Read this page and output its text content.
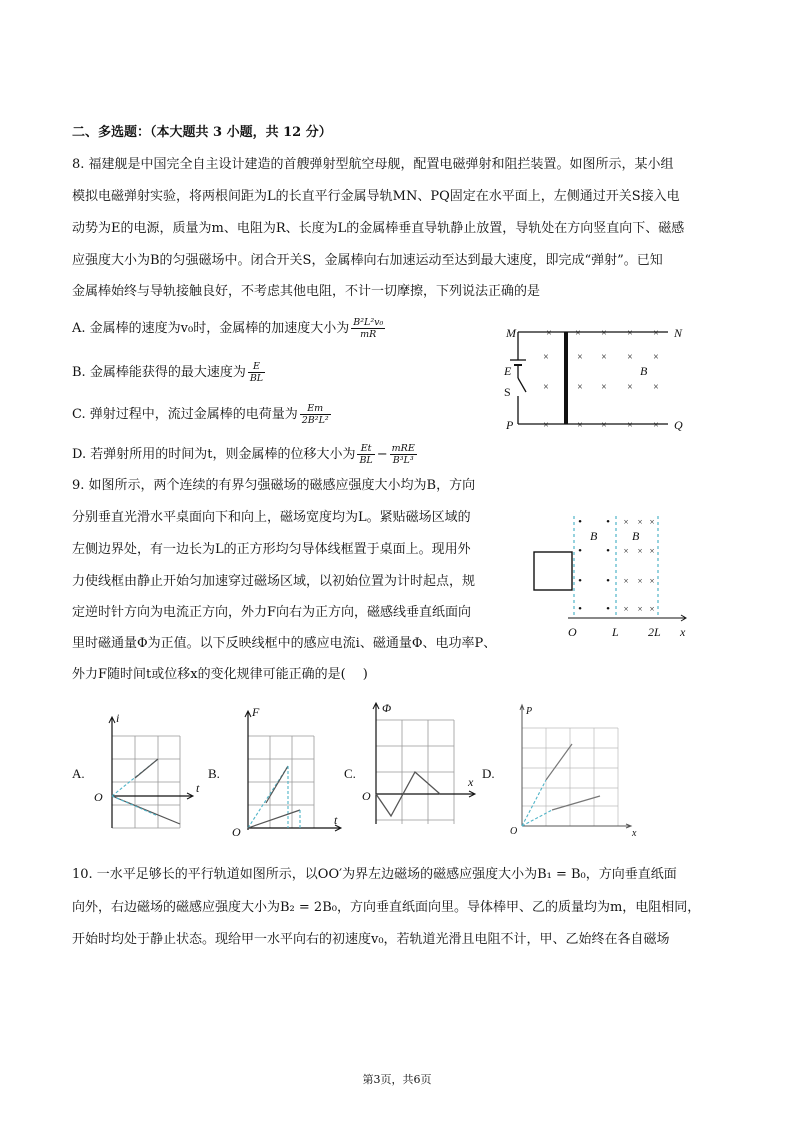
二、多选题：（本大题共 3 小题，共 12 分）
8. 福建舰是中国完全自主设计建造的首艘弹射型航空母舰，配置电磁弹射和阻拦装置。如图所示，某小组
模拟电磁弹射实验，将两根间距为L的长直平行金属导轨MN、PQ固定在水平面上，左侧通过开关S接入电
动势为E的电源，质量为m、电阻为R、长度为L的金属棒垂直导轨静止放置，导轨处在方向竖直向下、磁感
应强度大小为B的匀强磁场中。闭合开关S，金属棒向右加速运动至达到最大速度，即完成“弹射”。已知
金属棒始终与导轨接触良好，不考虑其他电阻，不计一切摩擦，下列说法正确的是
A. 金属棒的速度为v₀时，金属棒的加速度大小为 $\frac{\text{B²L²v₀}}{mR}$
B. 金属棒能获得的最大速度为 $\frac{E}{BL}$
C. 弹射过程中，流过金属棒的电荷量为 $\frac{Em}{\text{2B²L²}}$
D. 若弹射所用的时间为t，则金属棒的位移大小为 $\frac{Et}{BL} - \frac{\text{mRE}}{\text{B³L³}}$
× × × × ×
×	× × × ×
×	× × × ×
×	× × × ×
M	N
E
S
B
P	Q
9. 如图所示，两个连续的有界匀强磁场的磁感应强度大小均为B，方向
分别垂直光滑水平桌面向下和向上，磁场宽度均为L。紧贴磁场区域的
左侧边界处，有一边长为L的正方形均匀导体线框置于桌面上。现用外
力使线框由静止开始匀加速穿过磁场区域，以初始位置为计时起点，规
定逆时针方向为电流正方向，外力F向右为正方向，磁感线垂直纸面向
里时磁通量Φ为正值。以下反映线框中的感应电流i、磁通量Φ、电功率P、
外力F随时间t或位移x的变化规律可能正确的是(　 )
• •
• •
• •
• •
× × ×
× × ×
× × ×
× × ×
B	B
O	L 2L x
A.
i
t
O
B.
F
t
O
C.
Φ
x
O
D.
P
x
O
10. 一水平足够长的平行轨道如图所示，以OO′为界左边磁场的磁感应强度大小为B₁ = B₀，方向垂直纸面
向外，右边磁场的磁感应强度大小为B₂ = 2B₀，方向垂直纸面向里。导体棒甲、乙的质量均为m，电阻相同，
开始时均处于静止状态。现给甲一水平向右的初速度v₀，若轨道光滑且电阻不计，甲、乙始终在各自磁场
第3页，共6页
